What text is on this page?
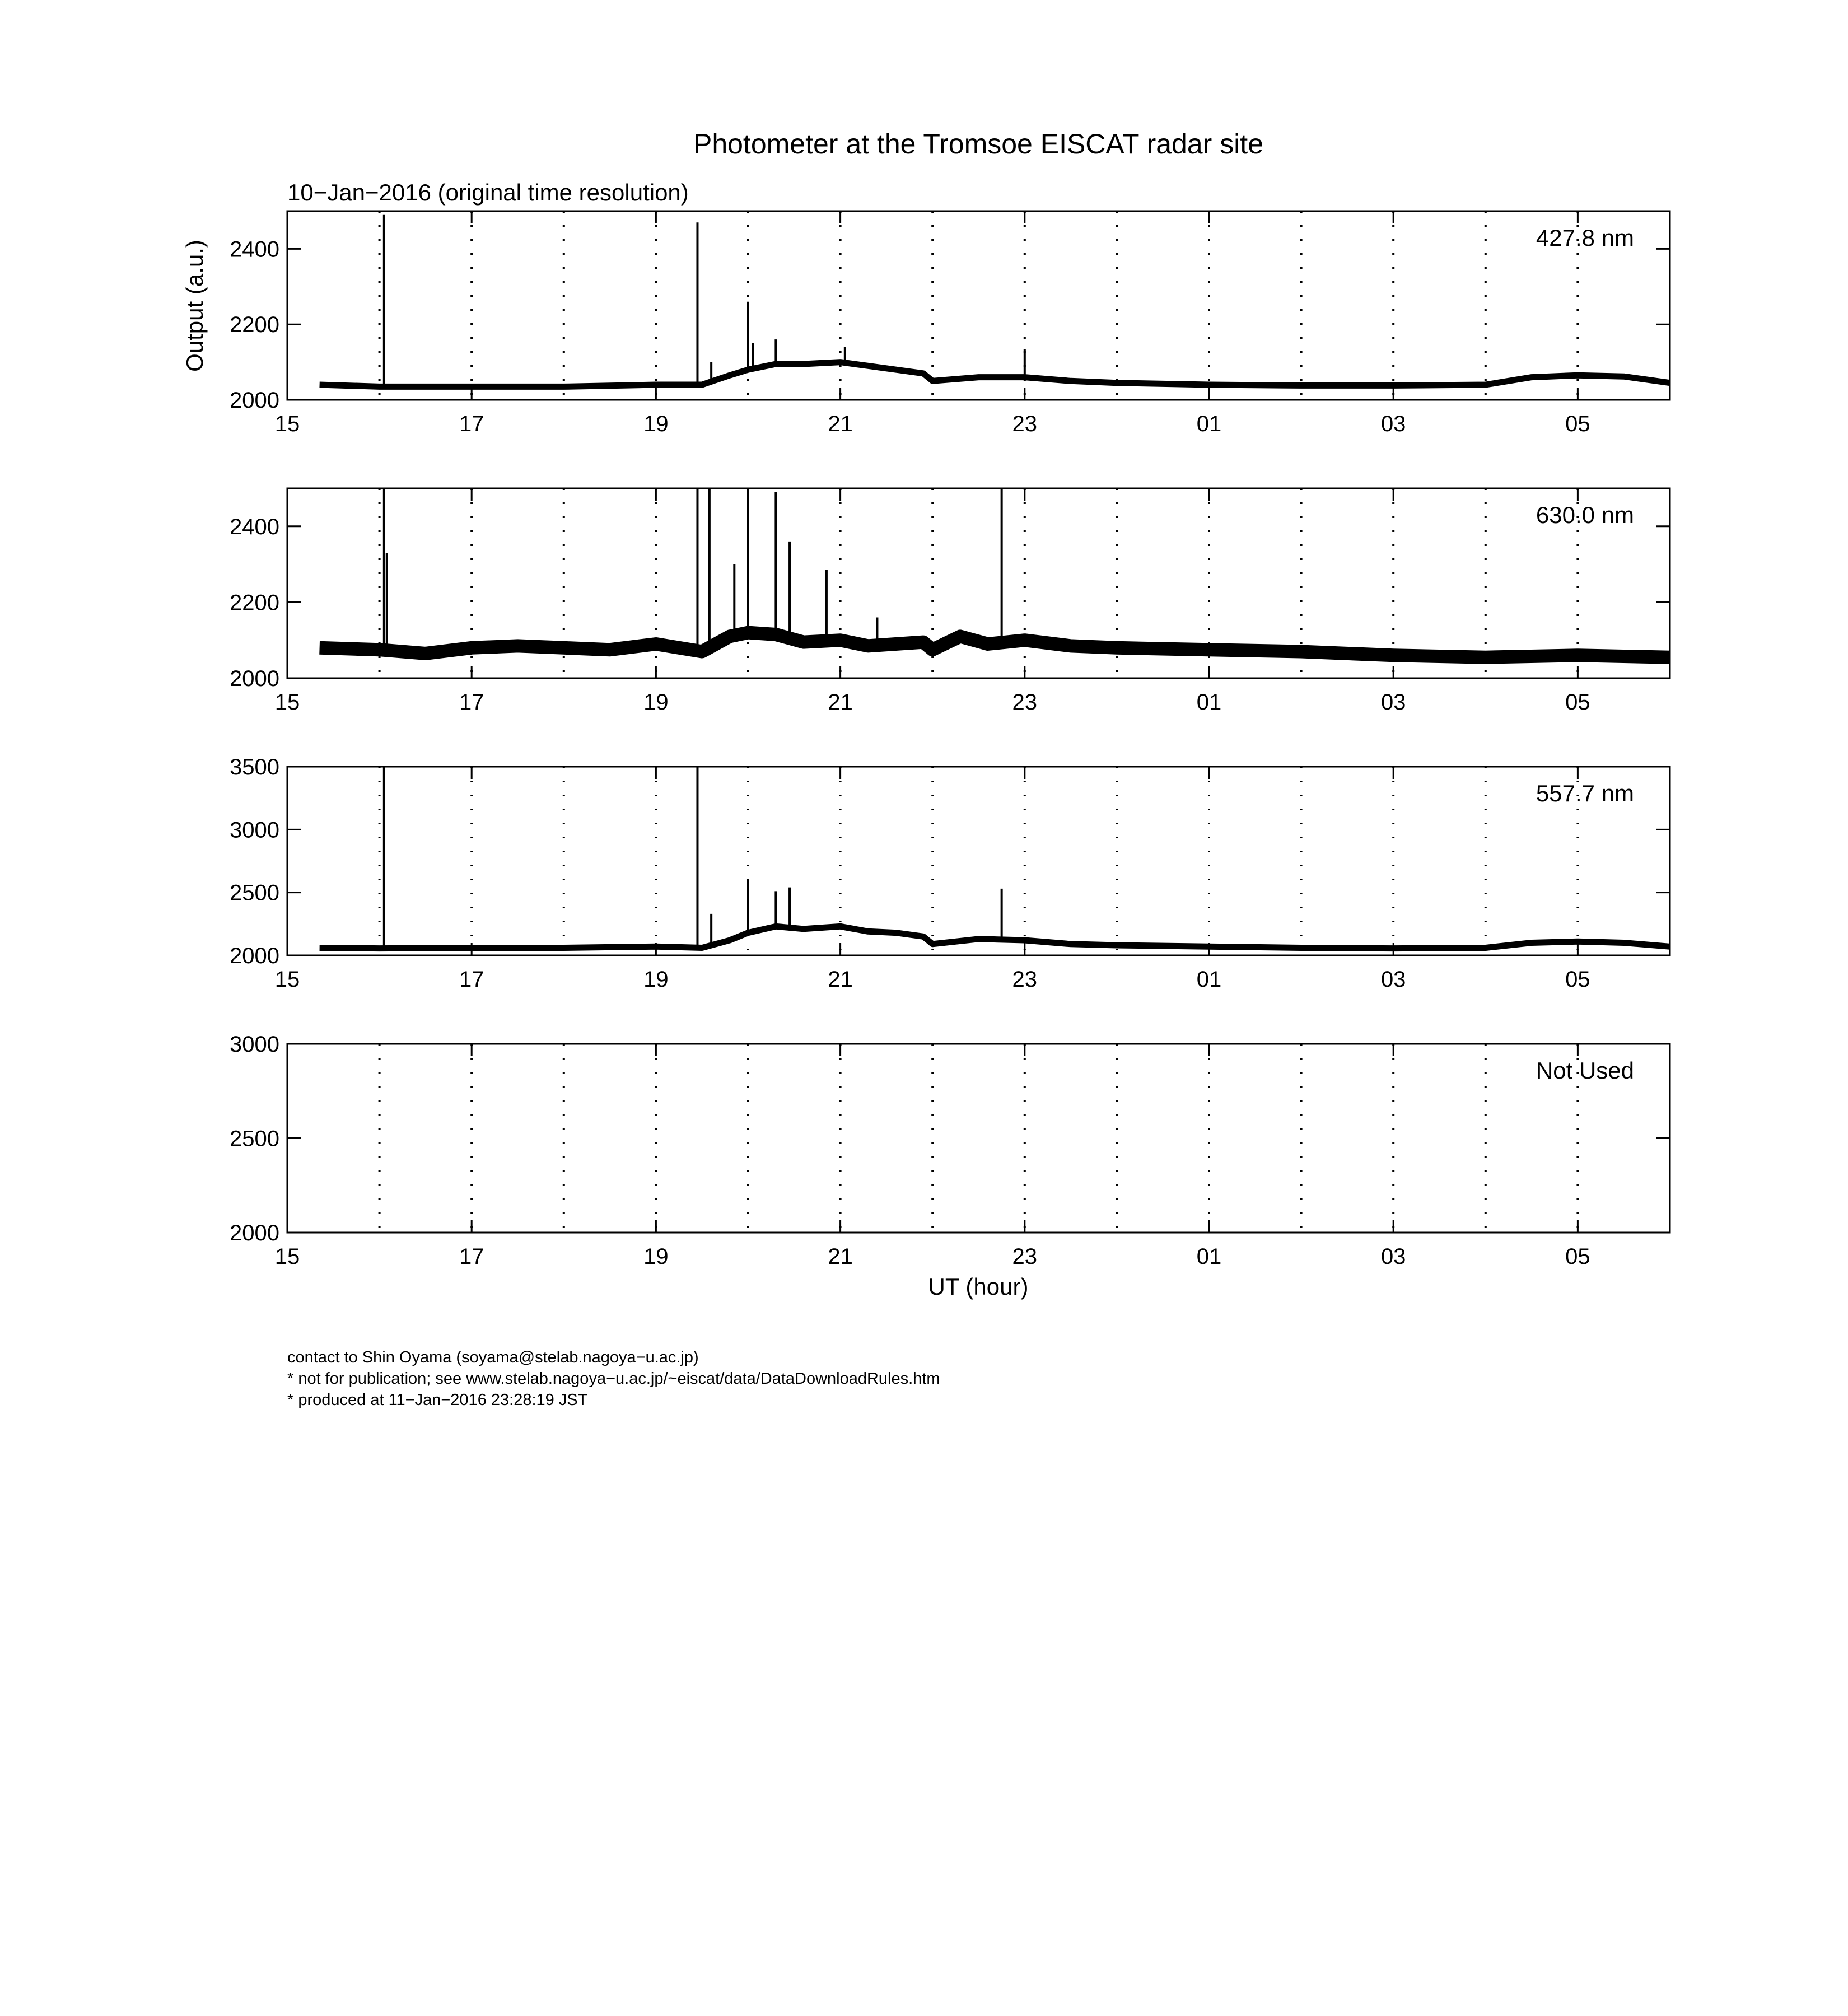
Photometer at the Tromsoe EISCAT radar site
10−Jan−2016 (original time resolution)
Output (a.u.)
UT (hour)
15	17	19	21	23	01	03	05
2000
2200
2400	427.8 nm
15	17	19	21	23	01	03	05
2000
2200
2400	630.0 nm
15	17	19	21	23	01	03	05
2000
2500
3000
3500
557.7 nm
15	17	19	21	23	01	03	05
2000
2500
3000
Not Used
contact to Shin Oyama (soyama@stelab.nagoya−u.ac.jp)
* not for publication; see www.stelab.nagoya−u.ac.jp/~eiscat/data/DataDownloadRules.htm
* produced at 11−Jan−2016 23:28:19 JST
